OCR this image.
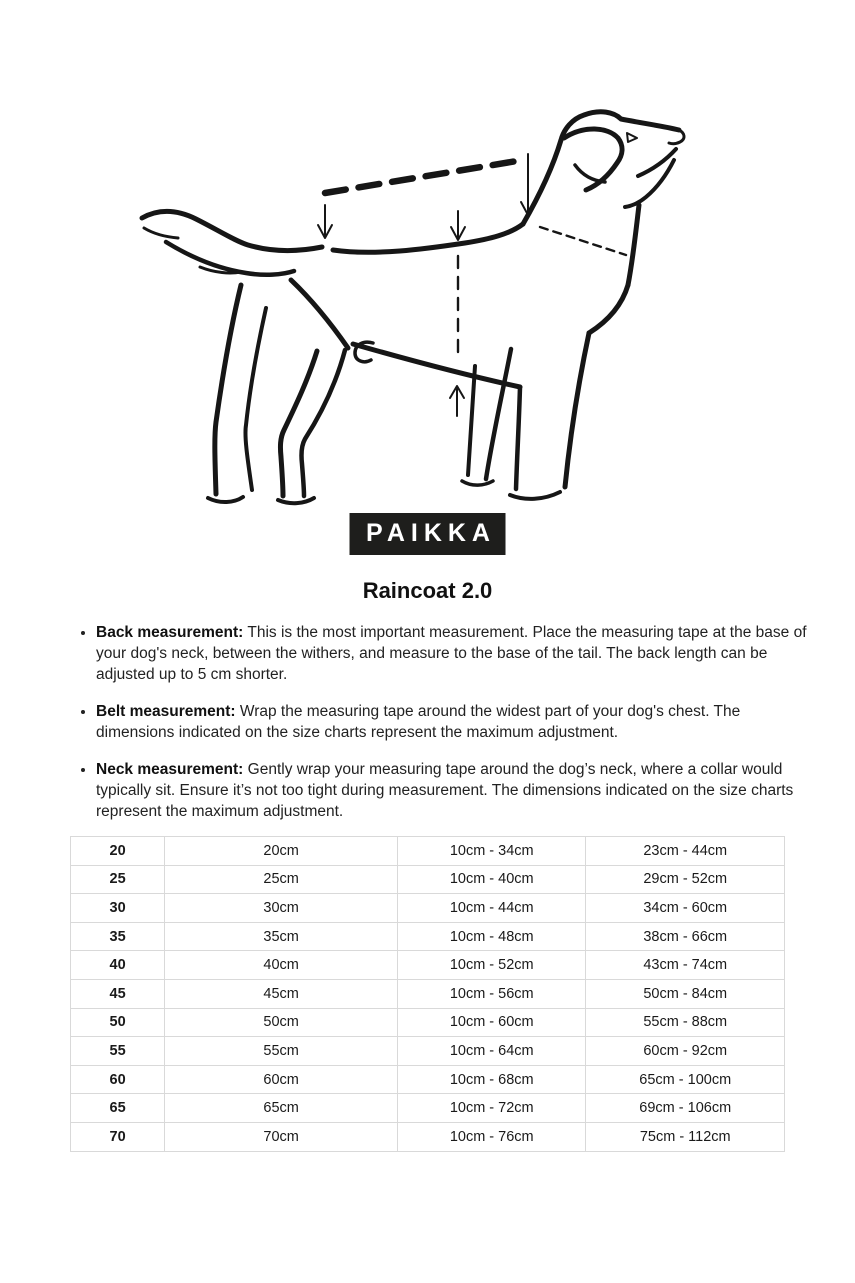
PAIKKA
Raincoat 2.0
• Back measurement: This is the most important measurement. Place the measuring tape at the base of your dog's neck, between the withers, and measure to the base of the tail. The back length can be adjusted up to 5 cm shorter.
• Belt measurement: Wrap the measuring tape around the widest part of your dog's chest. The dimensions indicated on the size charts represent the maximum adjustment.
• Neck measurement: Gently wrap your measuring tape around the dog’s neck, where a collar would typically sit. Ensure it’s not too tight during measurement. The dimensions indicated on the size charts represent the maximum adjustment.
20	20cm	10cm - 34cm	23cm - 44cm
25	25cm	10cm - 40cm	29cm - 52cm
30	30cm	10cm - 44cm	34cm - 60cm
35	35cm	10cm - 48cm	38cm - 66cm
40	40cm	10cm - 52cm	43cm - 74cm
45	45cm	10cm - 56cm	50cm - 84cm
50	50cm	10cm - 60cm	55cm - 88cm
55	55cm	10cm - 64cm	60cm - 92cm
60	60cm	10cm - 68cm	65cm - 100cm
65	65cm	10cm - 72cm	69cm - 106cm
70	70cm	10cm - 76cm	75cm - 112cm
